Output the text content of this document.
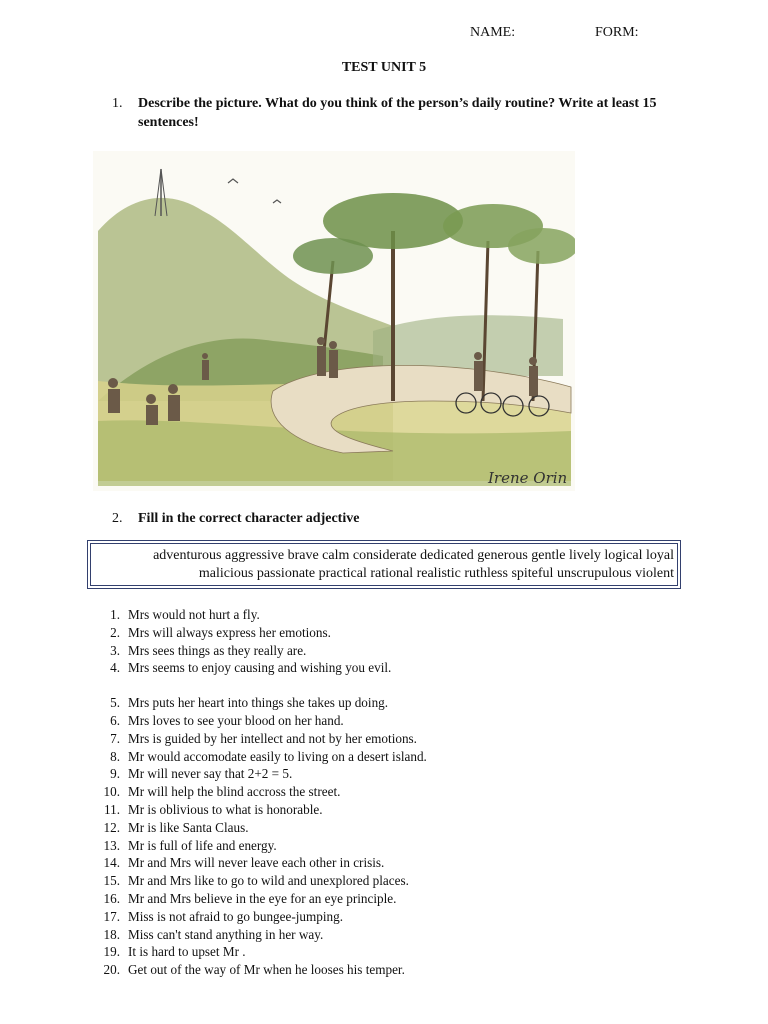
NAME:	FORM:
TEST UNIT 5
1. Describe the picture. What do you think of the person’s daily routine? Write at least 15 sentences!
Irene Orin
2. Fill in the correct character adjective
adventurous aggressive brave calm considerate dedicated generous gentle lively logical loyal
malicious passionate practical rational realistic ruthless spiteful unscrupulous violent
1. Mrs would not hurt a fly.
2. Mrs will always express her emotions.
3. Mrs sees things as they really are.
4. Mrs seems to enjoy causing and wishing you evil.
5. Mrs puts her heart into things she takes up doing.
6. Mrs loves to see your blood on her hand.
7. Mrs is guided by her intellect and not by her emotions.
8. Mr would accomodate easily to living on a desert island.
9. Mr will never say that 2+2 = 5.
10. Mr will help the blind accross the street.
11. Mr is oblivious to what is honorable.
12. Mr is like Santa Claus.
13. Mr is full of life and energy.
14. Mr and Mrs will never leave each other in crisis.
15. Mr and Mrs like to go to wild and unexplored places.
16. Mr and Mrs believe in the eye for an eye principle.
17. Miss is not afraid to go bungee-jumping.
18. Miss can't stand anything in her way.
19. It is hard to upset Mr .
20. Get out of the way of Mr when he looses his temper.
